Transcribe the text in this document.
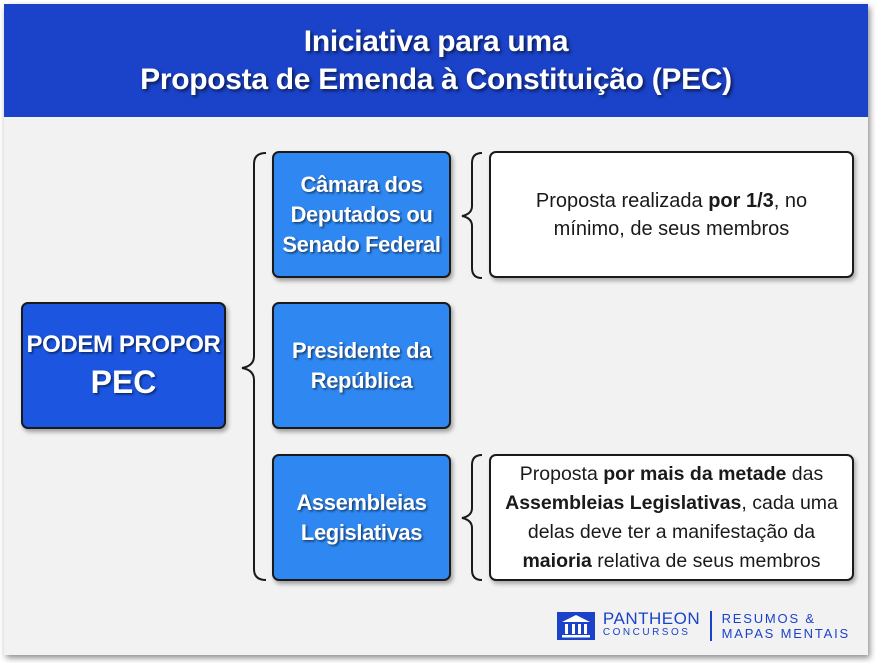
Iniciativa para uma
Proposta de Emenda à Constituição (PEC)
PODEM PROPOR
PEC
Câmara dos
Deputados ou
Senado Federal
Presidente da
República
Assembleias
Legislativas
Proposta realizada por 1/3, no mínimo, de seus membros
Proposta por mais da metade das Assembleias Legislativas, cada uma delas deve ter a manifestação da maioria relativa de seus membros
PANTHEON
CONCURSOS
RESUMOS &
MAPAS MENTAIS
